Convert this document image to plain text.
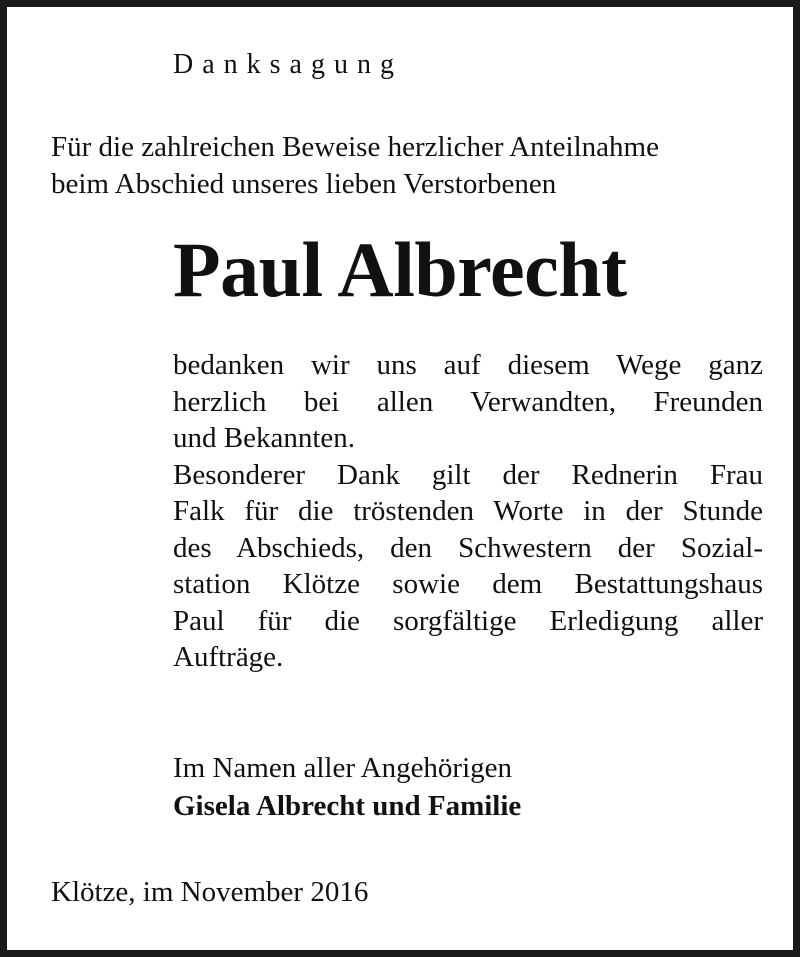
Danksagung
Für die zahlreichen Beweise herzlicher Anteilnahme
beim Abschied unseres lieben Verstorbenen
Paul Albrecht

bedanken wir uns auf diesem Wege ganz
herzlich bei allen Verwandten, Freunden
und Bekannten.

Besonderer Dank gilt der Rednerin Frau
Falk für die tröstenden Worte in der Stunde
des Abschieds, den Schwestern der Sozial-
station Klötze sowie dem Bestattungshaus
Paul für die sorgfältige Erledigung aller
Aufträge.

Im Namen aller Angehörigen
Gisela Albrecht und Familie
Klötze, im November 2016
